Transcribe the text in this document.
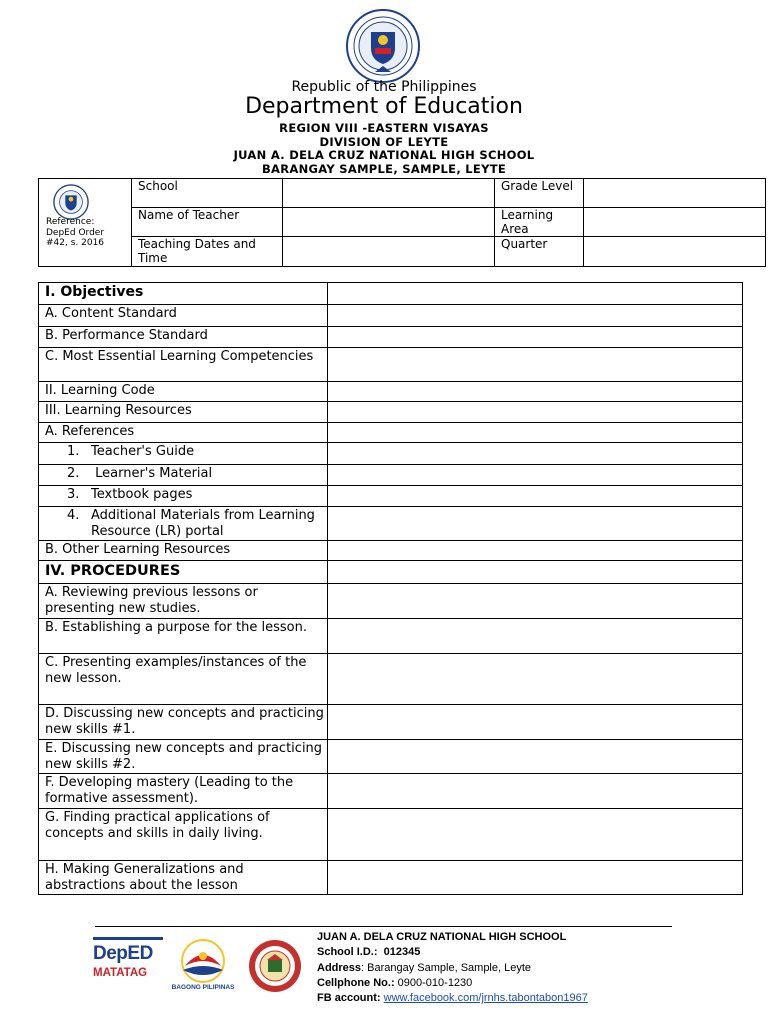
Republic of the Philippines
Department of Education
REGION VIII -EASTERN VISAYAS
DIVISION OF LEYTE
JUAN A. DELA CRUZ NATIONAL HIGH SCHOOL
BARANGAY SAMPLE, SAMPLE, LEYTE
Reference: DepEd Order #42, s. 2016	School		Grade Level	
	Name of Teacher		Learning Area	
	Teaching Dates and Time		Quarter	
I. Objectives	
A. Content Standard	
B. Performance Standard	
C. Most Essential Learning Competencies	
II. Learning Code	
III. Learning Resources	
A. References	
1. Teacher's Guide	
2. Learner's Material	
3. Textbook pages	

4. Additional Materials from Learning Resource (LR) portal	

B. Other Learning Resources	
IV. PROCEDURES	
A. Reviewing previous lessons or presenting new studies.	
B. Establishing a purpose for the lesson.	
C. Presenting examples/instances of the new lesson.	
D. Discussing new concepts and practicing new skills #1.	
E. Discussing new concepts and practicing new skills #2.	
F. Developing mastery (Leading to the formative assessment).	
G. Finding practical applications of concepts and skills in daily living.	
H. Making Generalizations and abstractions about the lesson	
DepED
MATATAG
BAGONG PILIPINAS
JUAN A. DELA CRUZ NATIONAL HIGH SCHOOL
School I.D.: 012345
Address: Barangay Sample, Sample, Leyte
Cellphone No.: 0900-010-1230
FB account: www.facebook.com/jrnhs.tabontabon1967
